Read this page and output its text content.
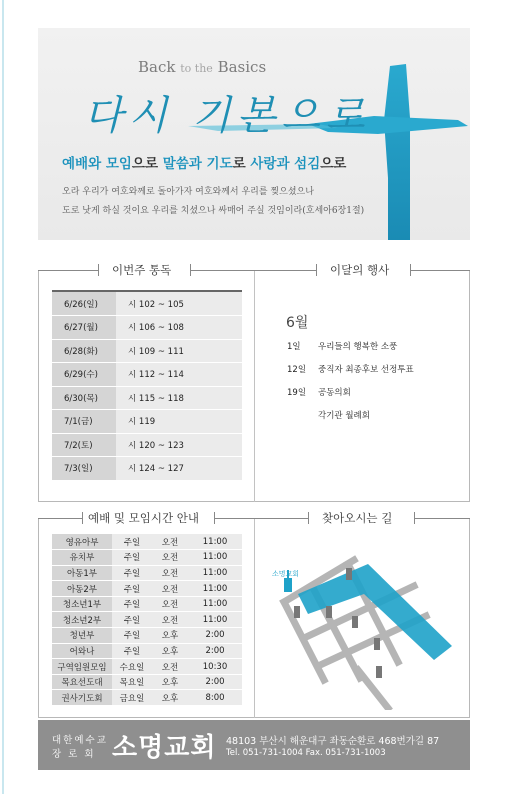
Back to the Basics
다시 기본으로
예배와 모임으로 말씀과 기도로 사랑과 섬김으로
오라 우리가 여호와께로 돌아가자 여호와께서 우리를 찢으셨으나
도로 낫게 하실 것이요 우리를 치셨으나 싸매어 주실 것임이라(호세아6장1절)
이번주 통독	이달의 행사
예배 및 모임시간 안내	찾아오시는 길
6/26(일)	시 102 ~ 105
6/27(월)	시 106 ~ 108
6/28(화)	시 109 ~ 111
6/29(수)	시 112 ~ 114
6/30(목)	시 115 ~ 118
7/1(금)	시 119
7/2(토)	시 120 ~ 123
7/3(일)	시 124 ~ 127
6월
1일 우리들의 행복한 소풍
12일 중직자 최종후보 선정투표
19일 공동의회
각기관 월례회
영유아부	주일	오전	11:00
유치부	주일	오전	11:00
아동1부	주일	오전	11:00
아동2부	주일	오전	11:00
청소년1부	주일	오전	11:00
청소년2부	주일	오전	11:00
청년부	주일	오후	2:00
어와나	주일	오후	2:00
구역임원모임	수요일	오전	10:30
목요선도대	목요일	오후	2:00
권사기도회	금요일	오후	8:00
소명교회
대한예수교
장로회 소명교회 48103 부산시 해운대구 좌동순환로 468번가길 87
Tel. 051-731-1004 Fax. 051-731-1003
